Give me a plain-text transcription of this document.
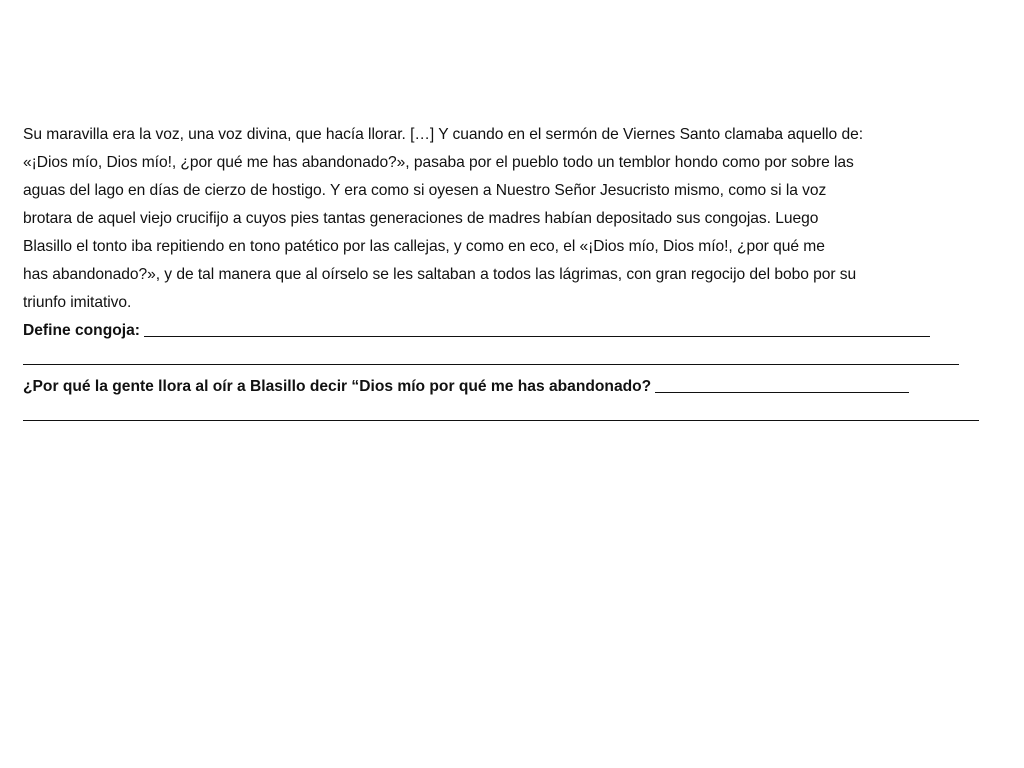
Su maravilla era la voz, una voz divina, que hacía llorar. […] Y cuando en el sermón de Viernes Santo clamaba aquello de:
«¡Dios mío, Dios mío!, ¿por qué me has abandonado?», pasaba por el pueblo todo un temblor hondo como por sobre las
aguas del lago en días de cierzo de hostigo. Y era como si oyesen a Nuestro Señor Jesucristo mismo, como si la voz
brotara de aquel viejo crucifijo a cuyos pies tantas generaciones de madres habían depositado sus congojas. Luego
Blasillo el tonto iba repitiendo en tono patético por las callejas, y como en eco, el «¡Dios mío, Dios mío!, ¿por qué me
has abandonado?», y de tal manera que al oírselo se les saltaban a todos las lágrimas, con gran regocijo del bobo por su
triunfo imitativo.

Define congoja:
¿Por qué la gente llora al oír a Blasillo decir “Dios mío por qué me has abandonado?
